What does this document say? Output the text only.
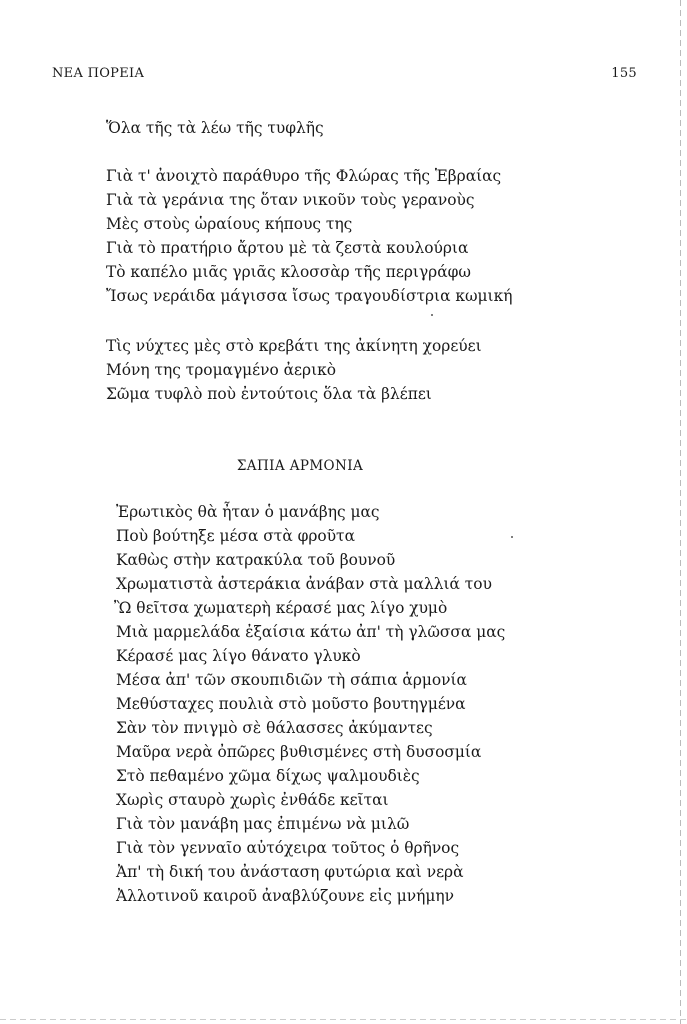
ΝΕΑ ΠΟΡΕΙΑ	155
Ὅλα τῆς τὰ λέω τῆς τυφλῆς
Γιὰ τ' ἀνοιχτὸ παράθυρο τῆς Φλώρας τῆς Ἑβραίας
Γιὰ τὰ γεράνια της ὅταν νικοῦν τοὺς γερανοὺς
Μὲς στοὺς ὡραίους κήπους της
Γιὰ τὸ πρατήριο ἄρτου μὲ τὰ ζεστὰ κουλούρια
Τὸ καπέλο μιᾶς γριᾶς κλοσσὰρ τῆς περιγράφω
Ἴσως νεράιδα μάγισσα ἴσως τραγουδίστρια κωμική
Τὶς νύχτες μὲς στὸ κρεβάτι της ἀκίνητη χορεύει
Μόνη της τρομαγμένο ἀερικὸ
Σῶμα τυφλὸ ποὺ ἐντούτοις ὅλα τὰ βλέπει
ΣΑΠΙΑ ΑΡΜΟΝΙΑ
Ἐρωτικὸς θὰ ἦταν ὁ μανάβης μας
Ποὺ βούτηξε μέσα στὰ φροῦτα
Καθὼς στὴν κατρακύλα τοῦ βουνοῦ
Χρωματιστὰ ἀστεράκια ἀνάβαν στὰ μαλλιά του
Ὢ θεῖτσα χωματερὴ κέρασέ μας λίγο χυμὸ
Μιὰ μαρμελάδα ἐξαίσια κάτω ἀπ' τὴ γλῶσσα μας
Κέρασέ μας λίγο θάνατο γλυκὸ
Μέσα ἀπ' τῶν σκουπιδιῶν τὴ σάπια ἁρμονία
Μεθύσταχες πουλιὰ στὸ μοῦστο βουτηγμένα
Σὰν τὸν πνιγμὸ σὲ θάλασσες ἀκύμαντες
Μαῦρα νερὰ ὀπῶρες βυθισμένες στὴ δυσοσμία
Στὸ πεθαμένο χῶμα δίχως ψαλμουδιὲς
Χωρὶς σταυρὸ χωρὶς ἐνθάδε κεῖται
Γιὰ τὸν μανάβη μας ἐπιμένω νὰ μιλῶ
Γιὰ τὸν γενναῖο αὐτόχειρα τοῦτος ὁ θρῆνος
Ἀπ' τὴ δική του ἀνάσταση φυτώρια καὶ νερὰ
Ἀλλοτινοῦ καιροῦ ἀναβλύζουνε εἰς μνήμην
